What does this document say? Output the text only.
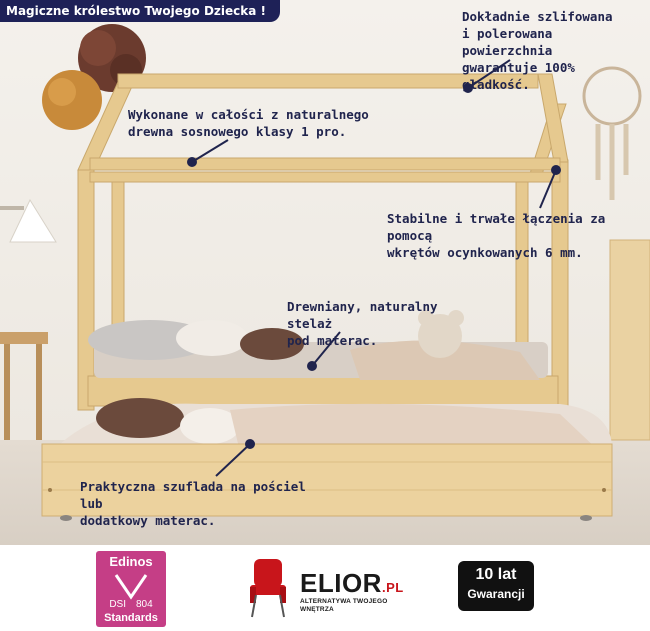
Magiczne królestwo Twojego Dziecka !	Dokładnie szlifowana
i polerowana powierzchnia
gwarantuje 100% gładkość.
Wykonane w całości z naturalnego
drewna sosnowego klasy 1 pro.
Stabilne i trwałe łączenia za pomocą
wkrętów ocynkowanych 6 mm.
Drewniany, naturalny stelaż
pod materac.
Praktyczna szuflada na pościel lub
dodatkowy materac.
Edinos
DSI 804
Standards
ELIOR.PL
ALTERNATYWA TWOJEGO WNĘTRZA
10 lat
Gwarancji
